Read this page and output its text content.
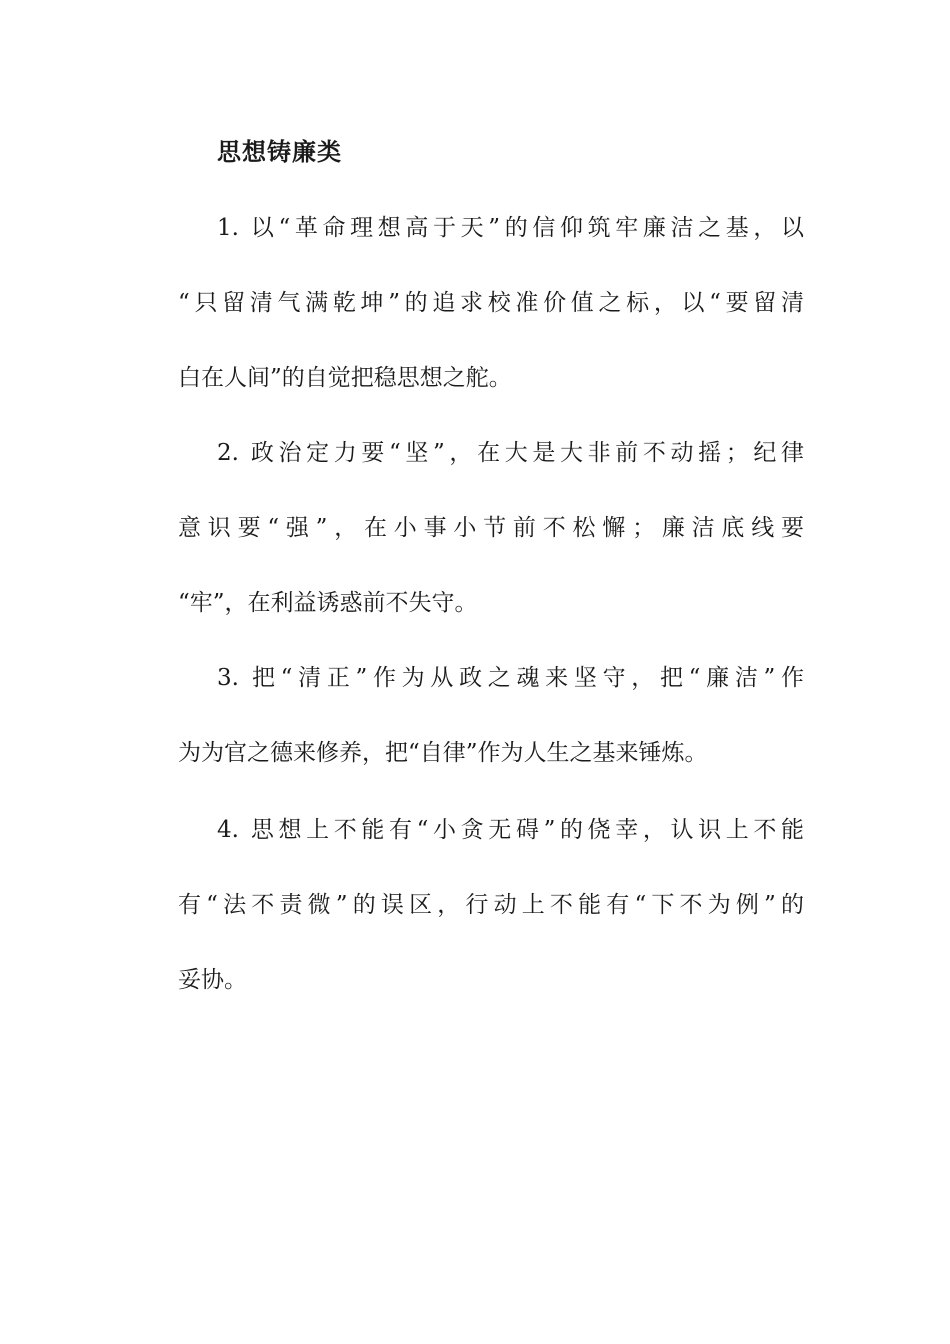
思想铸廉类

1. 以“革命理想高于天”的信仰筑牢廉洁之基，以

“只留清气满乾坤”的追求校准价值之标，以“要留清

白在人间”的自觉把稳思想之舵。

2. 政治定力要“坚”，在大是大非前不动摇；纪律

意识要“强”，在小事小节前不松懈；廉洁底线要

“牢”，在利益诱惑前不失守。

3. 把“清正”作为从政之魂来坚守，把“廉洁”作

为为官之德来修养，把“自律”作为人生之基来锤炼。

4. 思想上不能有“小贪无碍”的侥幸，认识上不能

有“法不责微”的误区，行动上不能有“下不为例”的

妥协。
